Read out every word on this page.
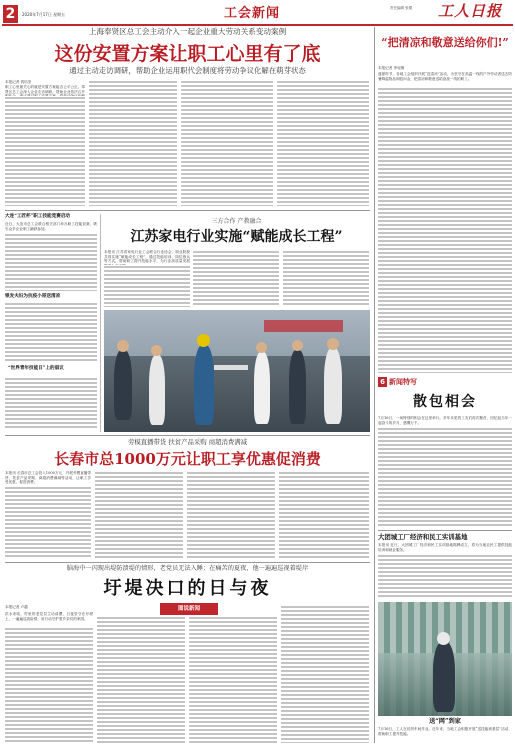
2	2020年7月17日 星期五	工会新闻	责任编辑 张璟 工人日报
上海奉贤区总工会主动介入一起企业重大劳动关系变动案例
这份安置方案让职工心里有了底
通过主动走访调研，帮助企业运用职代会制度将劳动争议化解在萌芽状态
本报记者 钱培坚
职工心里最关心的就是安置方案能否公平公正。奉贤区总工会深入企业走访调研，帮助企业依法召开
大连“工匠杯”职工技能竞赛启动
近日，大连市总工会联合相关部门举办职工技能竞赛，吸引众多企业职工踊跃参加。
银发夫妇为抗疫小哥送清凉
“世界青年技能日”上的倡议
三方合作 产教融合
江苏家电行业实施“赋能成长工程”
本报讯 江苏省家电行业工会联合行业协会、职业院校共同实施“赋能成长工程”，通过技能培训、岗位练兵等方式，帮助职工提升技能水平，为行业高质量发展
劳模直播带货 扶贫产品采购 商超消费满减
长春市总1000万元让职工享优惠促消费
本报讯 长春市总工会投入1000万元，开展劳模直播带货、扶贫产品采购、商超消费满减等活动，让职工享受优惠，促进消费。
脑海中一闪现出堤防溃堤的情形，老党员无法入睡；在痛苦的夏夜，他一遍遍巡视着堤岸
圩堤决口的日与夜
图说新闻
本报记者 卢越
洪水来临，村里的老党员主动请缨，日夜坚守在圩堤上，一遍遍巡查险情，用行动守护着乡亲们的家园。
“把清凉和敬意送给你们!”
本报记者 李宛桐
盛夏时节，各地工会组织开展“送清凉”活动，为坚守在高温一线的户外劳动者送去防暑降温物品和慰问金，把清凉和敬意送给奋战一线的职工。
6 新闻特写
散包相会
7月16日，一场特别的相会在这里举行。多年未见的工友们再次聚首，回忆起当年一起奋斗的岁月，感慨万千。
大团城工厂经济和民工实训基地
本报讯 近日，大团城工厂经济和民工实训基地揭牌成立，将为当地农民工提供技能培训和就业服务。
送“网”到家
7月16日，工人在纺织车间作业。近年来，当地工会积极开展“送技能到基层”活动，帮助职工提升技能。
